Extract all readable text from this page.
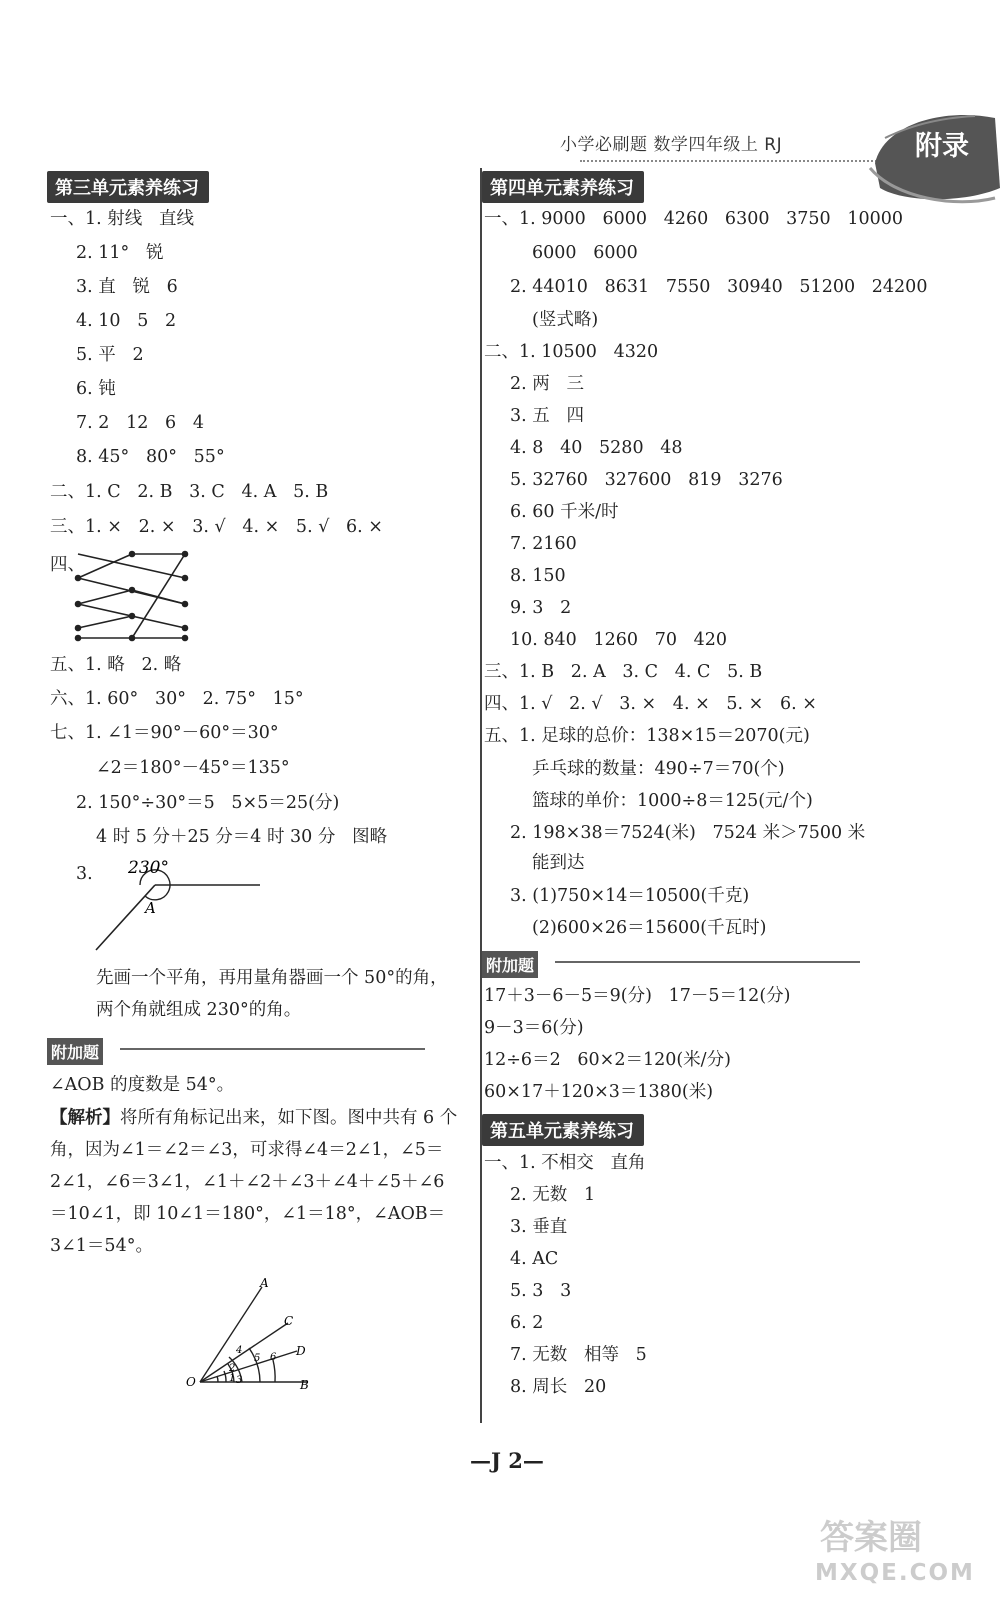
小学必刷题 数学四年级上 RJ	附录
第三单元素养练习
一、1. 射线   直线
2. 11°   锐
3. 直   锐   6
4. 10   5   2
5. 平   2
6. 钝
7. 2   12   6   4
8. 45°   80°   55°
二、1. C   2. B   3. C   4. A   5. B
三、1. ×   2. ×   3. √   4. ×   5. √   6. ×
四、
五、1. 略   2. 略
六、1. 60°   30°   2. 75°   15°
七、1. ∠1＝90°－60°＝30°
∠2＝180°－45°＝135°
2. 150°÷30°＝5   5×5＝25(分)
4 时 5 分＋25 分＝4 时 30 分   图略
3. 230°
A
先画一个平角，再用量角器画一个 50°的角，两个角就组成 230°的角。
附加题
∠AOB 的度数是 54°。
【解析】将所有角标记出来，如下图。图中共有 6 个角，因为∠1＝∠2＝∠3，可求得∠4＝2∠1，∠5＝2∠1，∠6＝3∠1，∠1＋∠2＋∠3＋∠4＋∠5＋∠6＝10∠1，即 10∠1＝180°，∠1＝18°，∠AOB＝3∠1＝54°。
A
C
D
B
O	1
2
3
4
5 6
第四单元素养练习
一、1. 9000   6000   4260   6300   3750   10000
6000   6000
2. 44010   8631   7550   30940   51200   24200
(竖式略)
二、1. 10500   4320
2. 两   三
3. 五   四
4. 8   40   5280   48
5. 32760   327600   819   3276
6. 60 千米/时
7. 2160
8. 150
9. 3   2
10. 840   1260   70   420
三、1. B   2. A   3. C   4. C   5. B
四、1. √   2. √   3. ×   4. ×   5. ×   6. ×
五、1. 足球的总价：138×15＝2070(元)
乒乓球的数量：490÷7＝70(个)
篮球的单价：1000÷8＝125(元/个)
2. 198×38＝7524(米)   7524 米＞7500 米
能到达
3. (1)750×14＝10500(千克)
(2)600×26＝15600(千瓦时)
附加题
17＋3－6－5＝9(分)   17－5＝12(分)
9－3＝6(分)
12÷6＝2   60×2＝120(米/分)
60×17＋120×3＝1380(米)
第五单元素养练习
一、1. 不相交   直角
2. 无数   1
3. 垂直
4. AC
5. 3   3
6. 2
7. 无数   相等   5
8. 周长   20
—J 2—
答案圈
MXQE.COM
